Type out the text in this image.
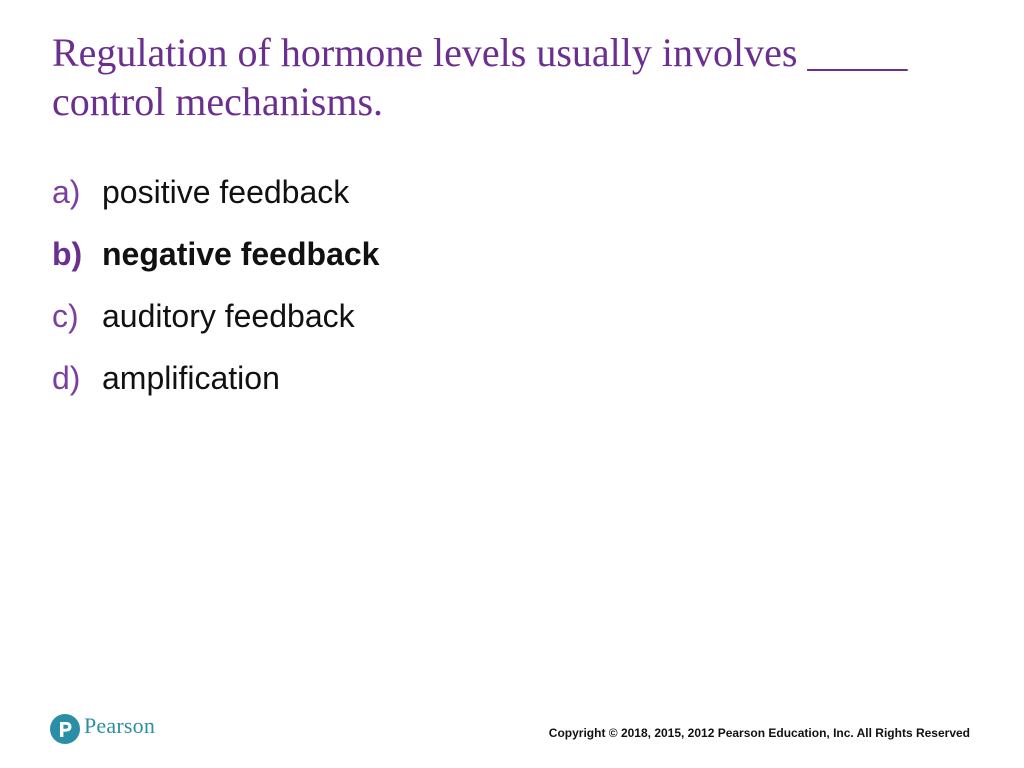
Regulation of hormone levels usually involves _____
control mechanisms.
a) positive feedback
b) negative feedback
c) auditory feedback
d) amplification
Pearson	Copyright © 2018, 2015, 2012 Pearson Education, Inc. All Rights Reserved
